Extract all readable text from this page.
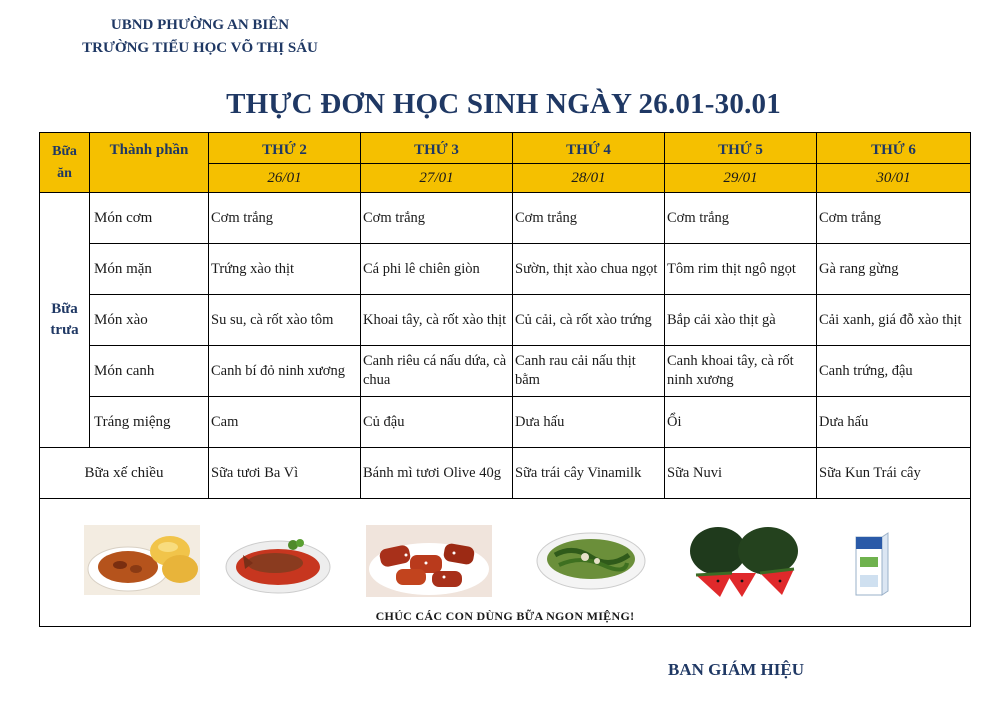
UBND PHƯỜNG AN BIÊN
TRƯỜNG TIỂU HỌC VÕ THỊ SÁU
THỰC ĐƠN HỌC SINH NGÀY 26.01-30.01
Bữa
ăn	Thành phần	THỨ 2	THỨ 3	THỨ 4	THỨ 5	THỨ 6
		26/01	27/01	28/01	29/01	30/01

Bữa
trưa	Món cơm	Cơm trắng	Cơm trắng	Cơm trắng	Cơm trắng	Cơm trắng
	Món mặn	Trứng xào thịt	Cá phi lê chiên giòn	Sườn, thịt xào chua ngọt	Tôm rim thịt ngô ngọt	Gà rang gừng
	Món xào	Su su, cà rốt xào tôm	Khoai tây, cà rốt xào thịt	Củ cải, cà rốt xào trứng	Bắp cải xào thịt gà	Cải xanh, giá đỗ xào thịt
	Món canh	Canh bí đỏ ninh xương	Canh riêu cá nấu dứa, cà chua	Canh rau cải nấu thịt bằm	Canh khoai tây, cà rốt ninh xương	Canh trứng, đậu
	Tráng miệng	Cam	Củ đậu	Dưa hấu	Ổi	Dưa hấu
Bữa xế chiều		Sữa tươi Ba Vì	Bánh mì tươi Olive 40g	Sữa trái cây Vinamilk	Sữa Nuvi	Sữa Kun Trái cây

CHÚC CÁC CON DÙNG BỮA NGON MIỆNG!						
BAN GIÁM HIỆU
